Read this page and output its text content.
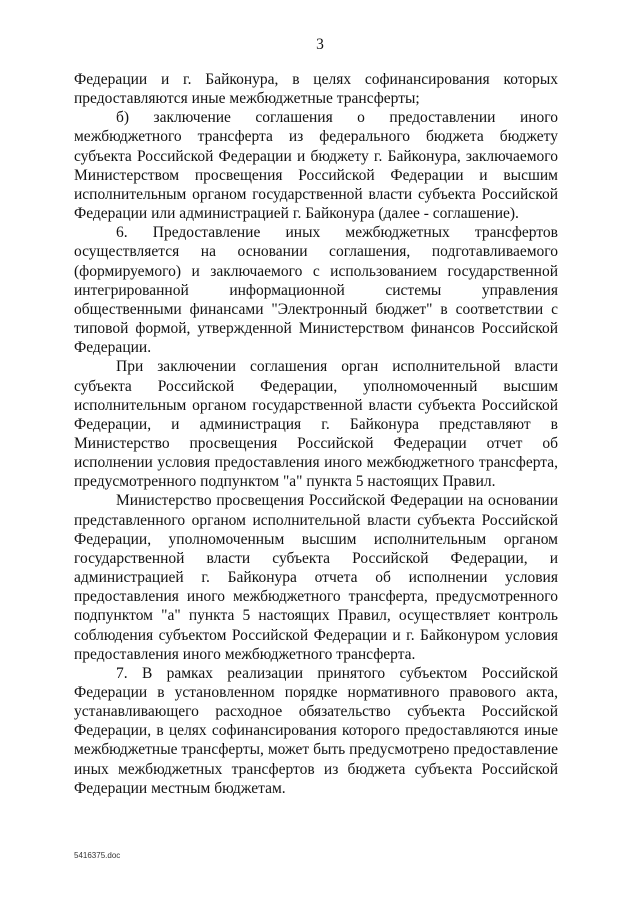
3

Федерации и г. Байконура, в целях софинансирования которых предоставляются иные межбюджетные трансферты;

б) заключение соглашения о предоставлении иного межбюджетного трансферта из федерального бюджета бюджету субъекта Российской Федерации и бюджету г. Байконура, заключаемого Министерством просвещения Российской Федерации и высшим исполнительным органом государственной власти субъекта Российской Федерации или администрацией г. Байконура (далее - соглашение).

6. Предоставление иных межбюджетных трансфертов осуществляется на основании соглашения, подготавливаемого (формируемого) и заключаемого с использованием государственной интегрированной информационной системы управления общественными финансами "Электронный бюджет" в соответствии с типовой формой, утвержденной Министерством финансов Российской Федерации.

При заключении соглашения орган исполнительной власти субъекта Российской Федерации, уполномоченный высшим исполнительным органом государственной власти субъекта Российской Федерации, и администрация г. Байконура представляют в Министерство просвещения Российской Федерации отчет об исполнении условия предоставления иного межбюджетного трансферта, предусмотренного подпунктом "а" пункта 5 настоящих Правил.

Министерство просвещения Российской Федерации на основании представленного органом исполнительной власти субъекта Российской Федерации, уполномоченным высшим исполнительным органом государственной власти субъекта Российской Федерации, и администрацией г. Байконура отчета об исполнении условия предоставления иного межбюджетного трансферта, предусмотренного подпунктом "а" пункта 5 настоящих Правил, осуществляет контроль соблюдения субъектом Российской Федерации и г. Байконуром условия предоставления иного межбюджетного трансферта.

7. В рамках реализации принятого субъектом Российской Федерации в установленном порядке нормативного правового акта, устанавливающего расходное обязательство субъекта Российской Федерации, в целях софинансирования которого предоставляются иные межбюджетные трансферты, может быть предусмотрено предоставление иных межбюджетных трансфертов из бюджета субъекта Российской Федерации местным бюджетам.

5416375.doc
